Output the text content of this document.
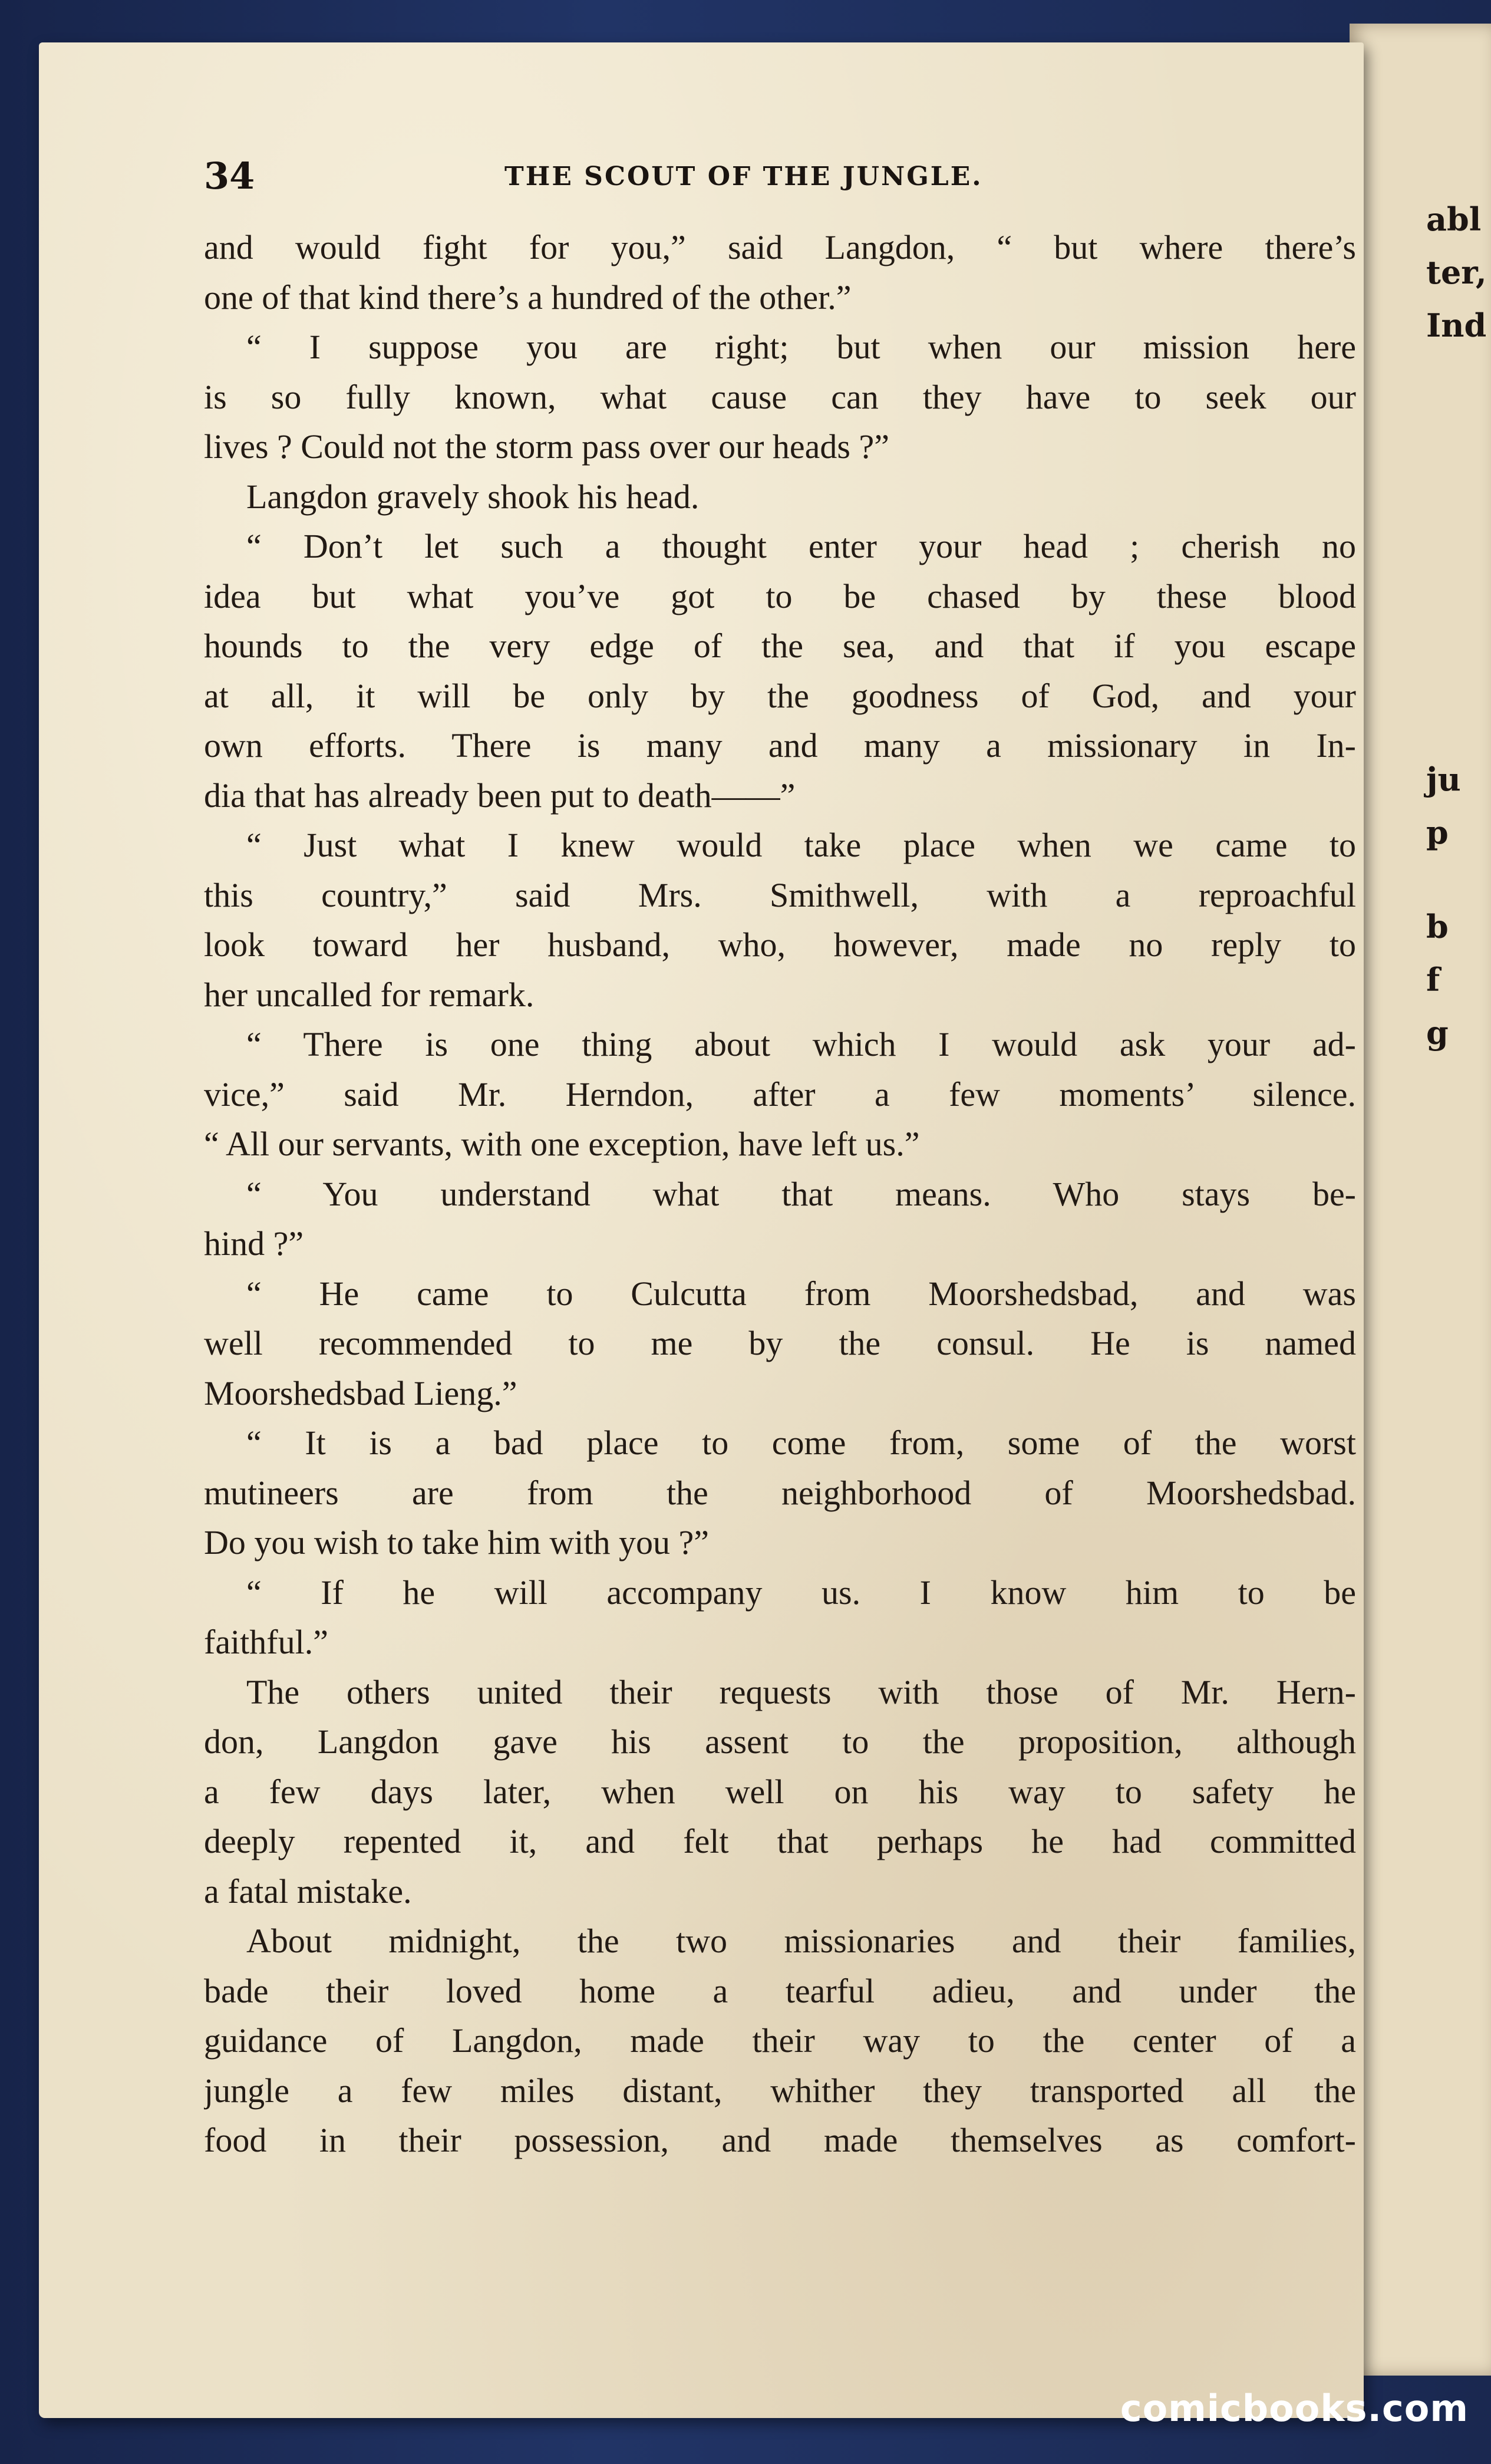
abl
ter,
Ind
ju
p
b
f
g
34	THE SCOUT OF THE JUNGLE.
and would fight for you,” said Langdon, “ but where there’s
one of that kind there’s a hundred of the other.”
“ I suppose you are right; but when our mission here
is so fully known, what cause can they have to seek our
lives ? Could not the storm pass over our heads ?”
Langdon gravely shook his head.
“ Don’t let such a thought enter your head ; cherish no
idea but what you’ve got to be chased by these blood
hounds to the very edge of the sea, and that if you escape
at all, it will be only by the goodness of God, and your
own efforts. There is many and many a missionary in In-
dia that has already been put to death——”
“ Just what I knew would take place when we came to
this country,” said Mrs. Smithwell, with a reproachful
look toward her husband, who, however, made no reply to
her uncalled for remark.
“ There is one thing about which I would ask your ad-
vice,” said Mr. Herndon, after a few moments’ silence.
“ All our servants, with one exception, have left us.”
“ You understand what that means. Who stays be-
hind ?”
“ He came to Culcutta from Moorshedsbad, and was
well recommended to me by the consul. He is named
Moorshedsbad Lieng.”
“ It is a bad place to come from, some of the worst
mutineers are from the neighborhood of Moorshedsbad.
Do you wish to take him with you ?”
“ If he will accompany us. I know him to be
faithful.”
The others united their requests with those of Mr. Hern-
don, Langdon gave his assent to the proposition, although
a few days later, when well on his way to safety he
deeply repented it, and felt that perhaps he had committed
a fatal mistake.
About midnight, the two missionaries and their families,
bade their loved home a tearful adieu, and under the
guidance of Langdon, made their way to the center of a
jungle a few miles distant, whither they transported all the
food in their possession, and made themselves as comfort-
comicbooks.com
